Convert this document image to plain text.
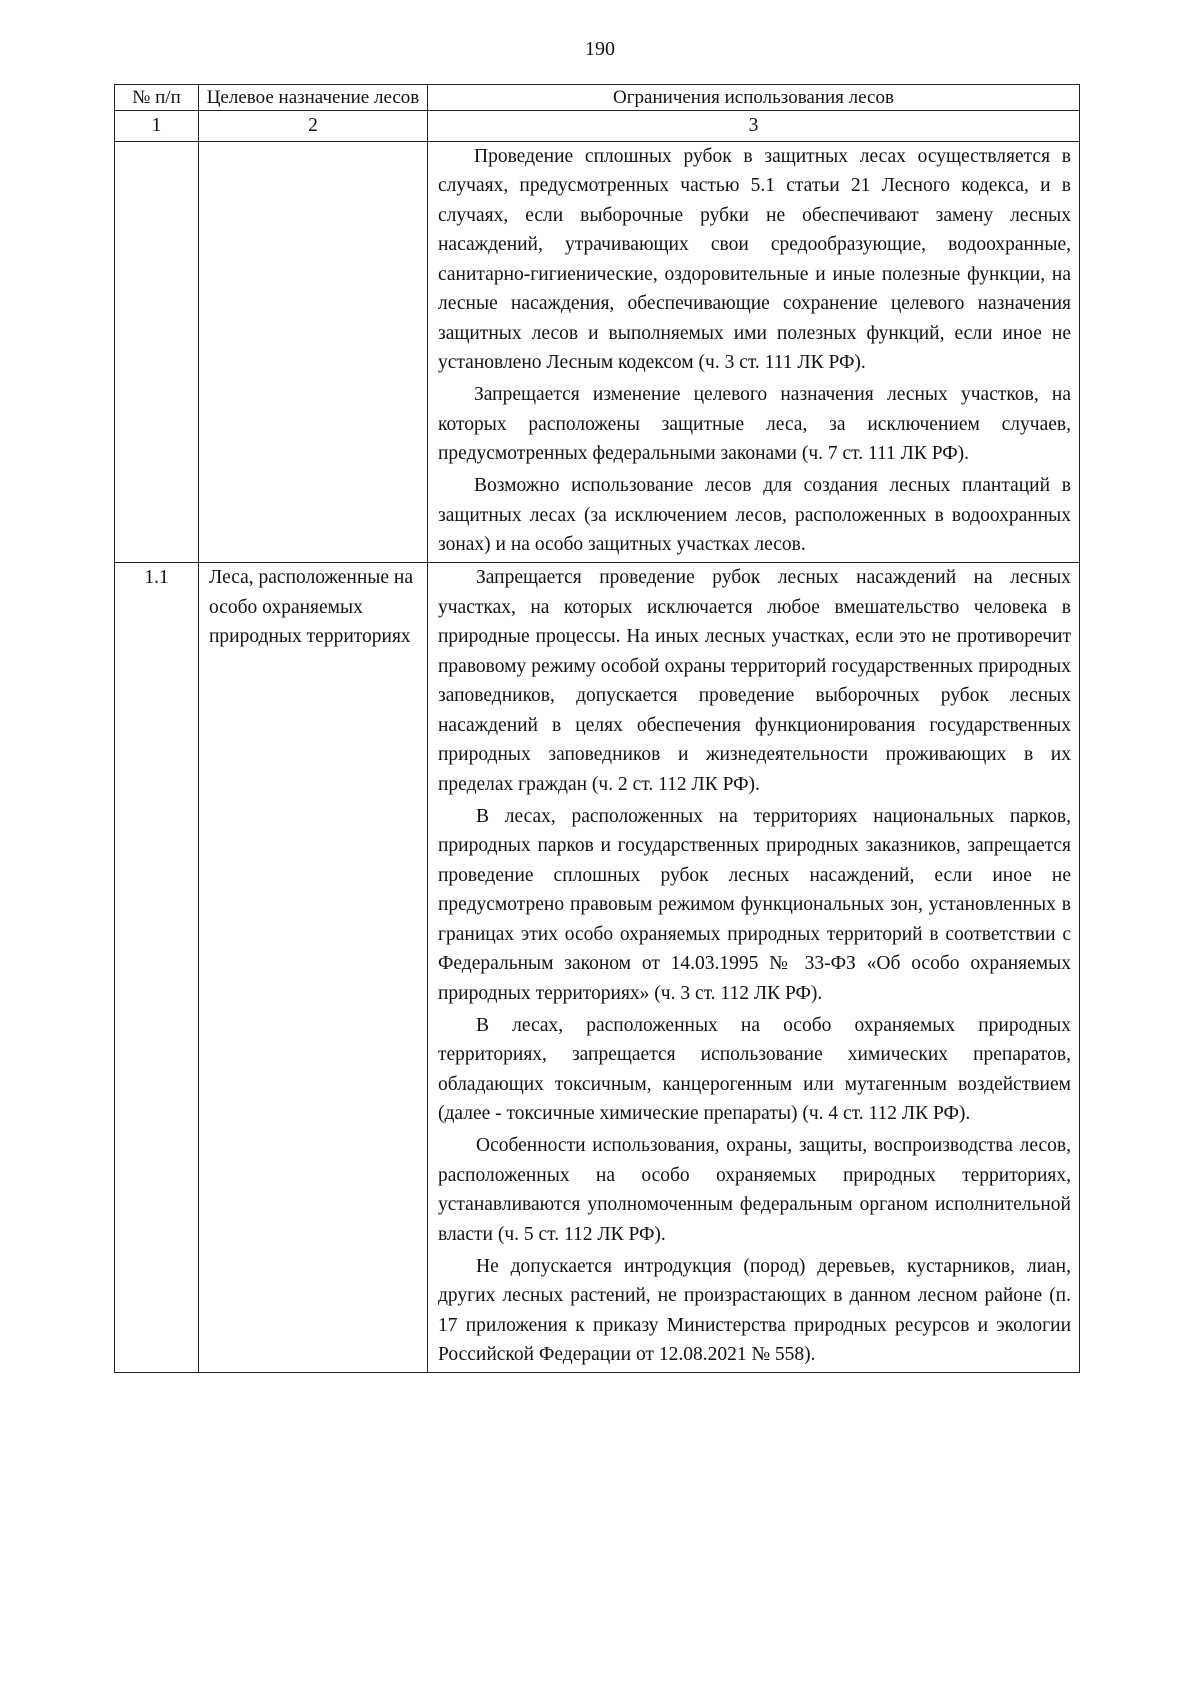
190
№ п/п	Целевое назначение лесов	Ограничения использования лесов
1	2	3

		Проведение сплошных рубок в защитных лесах осуществляется в случаях, предусмотренных частью 5.1 статьи 21 Лесного кодекса, и в случаях, если выборочные рубки не обеспечивают замену лесных насаждений, утрачивающих свои средообразующие, водоохранные, санитарно-гигиенические, оздоровительные и иные полезные функции, на лесные насаждения, обеспечивающие сохранение целевого назначения защитных лесов и выполняемых ими полезных функций, если иное не установлено Лесным кодексом (ч. 3 ст. 111 ЛК РФ).

Запрещается изменение целевого назначения лесных участков, на которых расположены защитные леса, за исключением случаев, предусмотренных федеральными законами (ч. 7 ст. 111 ЛК РФ).

Возможно использование лесов для создания лесных плантаций в защитных лесах (за исключением лесов, расположенных в водоохранных зонах) и на особо защитных участках лесов.

1.1	Леса, расположенные на особо охраняемых природных территориях	Запрещается проведение рубок лесных насаждений на лесных участках, на которых исключается любое вмешательство человека в природные процессы. На иных лесных участках, если это не противоречит правовому режиму особой охраны территорий государственных природных заповедников, допускается проведение выборочных рубок лесных насаждений в целях обеспечения функционирования государственных природных заповедников и жизнедеятельности проживающих в их пределах граждан (ч. 2 ст. 112 ЛК РФ).

В лесах, расположенных на территориях национальных парков, природных парков и государственных природных заказников, запрещается проведение сплошных рубок лесных насаждений, если иное не предусмотрено правовым режимом функциональных зон, установленных в границах этих особо охраняемых природных территорий в соответствии с Федеральным законом от 14.03.1995 № 33-ФЗ «Об особо охраняемых природных территориях» (ч. 3 ст. 112 ЛК РФ).

В лесах, расположенных на особо охраняемых природных территориях, запрещается использование химических препаратов, обладающих токсичным, канцерогенным или мутагенным воздействием (далее - токсичные химические препараты) (ч. 4 ст. 112 ЛК РФ).

Особенности использования, охраны, защиты, воспроизводства лесов, расположенных на особо охраняемых природных территориях, устанавливаются уполномоченным федеральным органом исполнительной власти (ч. 5 ст. 112 ЛК РФ).

Не допускается интродукция (пород) деревьев, кустарников, лиан, других лесных растений, не произрастающих в данном лесном районе (п. 17 приложения к приказу Министерства природных ресурсов и экологии Российской Федерации от 12.08.2021 № 558).
